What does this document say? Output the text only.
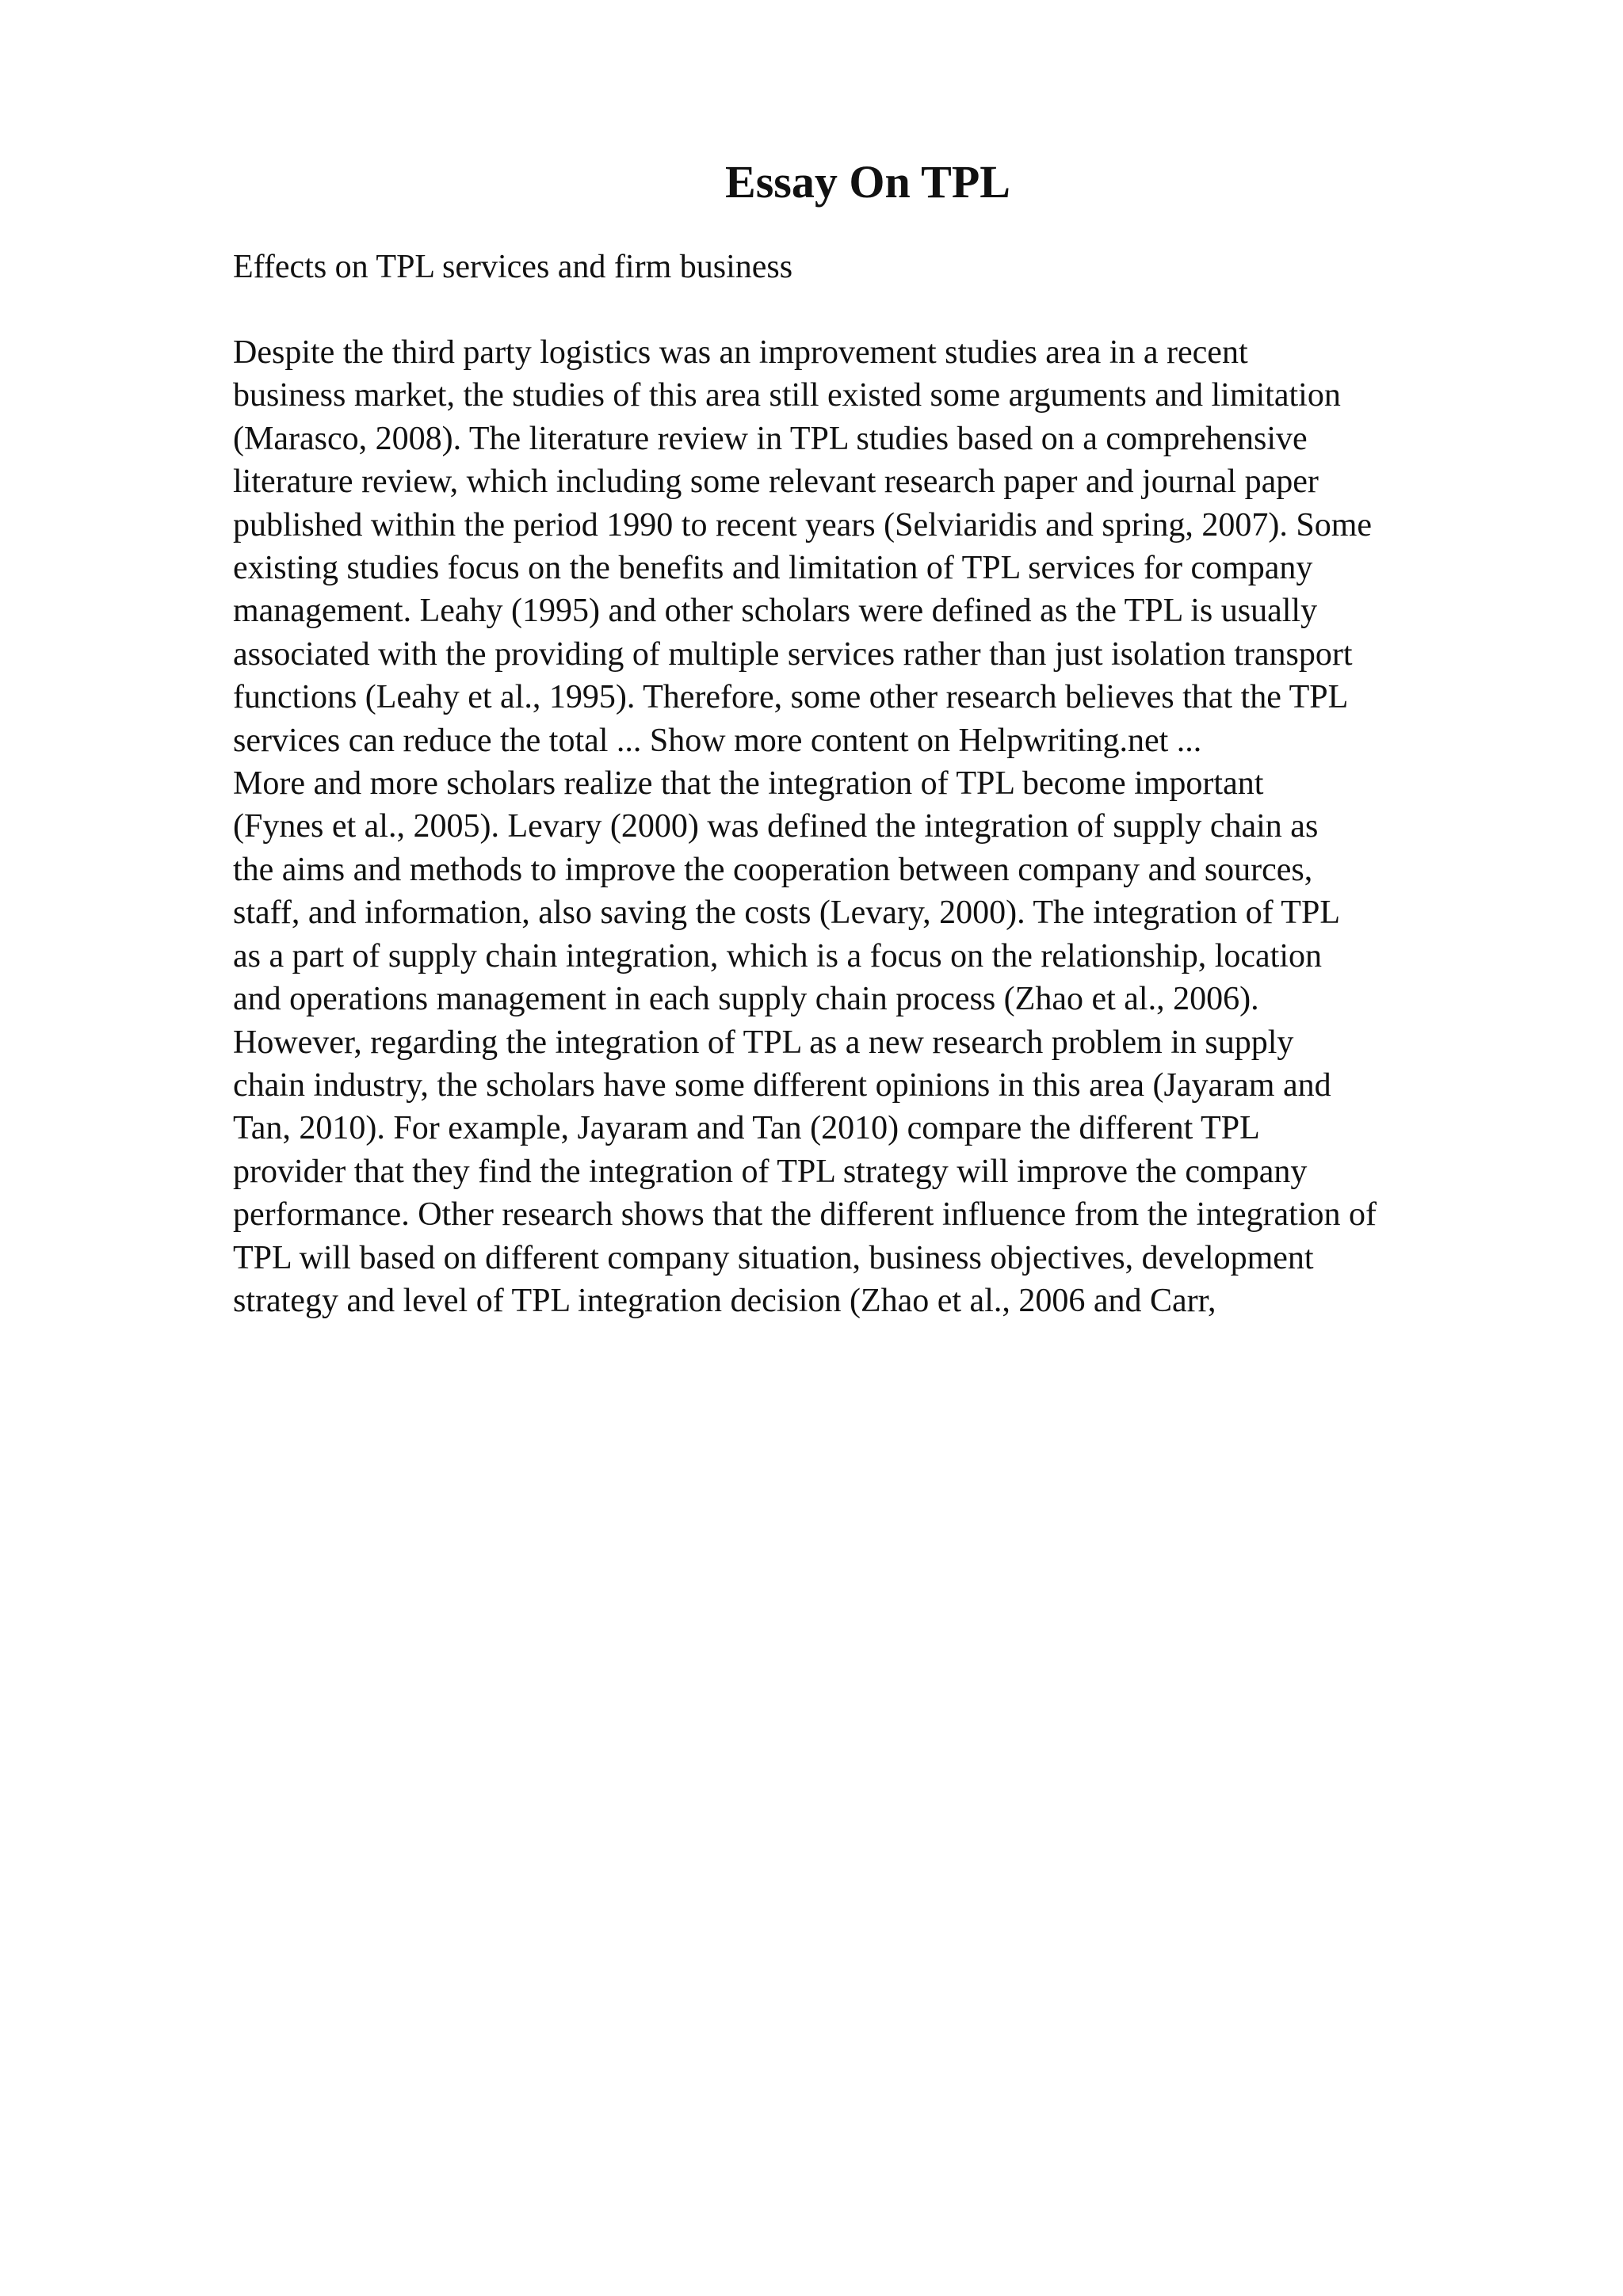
Essay On TPL

Effects on TPL services and firm business

Despite the third party logistics was an improvement studies area in a recent
business market, the studies of this area still existed some arguments and limitation
(Marasco, 2008). The literature review in TPL studies based on a comprehensive
literature review, which including some relevant research paper and journal paper
published within the period 1990 to recent years (Selviaridis and spring, 2007). Some
existing studies focus on the benefits and limitation of TPL services for company
management. Leahy (1995) and other scholars were defined as the TPL is usually
associated with the providing of multiple services rather than just isolation transport
functions (Leahy et al., 1995). Therefore, some other research believes that the TPL
services can reduce the total ... Show more content on Helpwriting.net ...
More and more scholars realize that the integration of TPL become important
(Fynes et al., 2005). Levary (2000) was defined the integration of supply chain as
the aims and methods to improve the cooperation between company and sources,
staff, and information, also saving the costs (Levary, 2000). The integration of TPL
as a part of supply chain integration, which is a focus on the relationship, location
and operations management in each supply chain process (Zhao et al., 2006).
However, regarding the integration of TPL as a new research problem in supply
chain industry, the scholars have some different opinions in this area (Jayaram and
Tan, 2010). For example, Jayaram and Tan (2010) compare the different TPL
provider that they find the integration of TPL strategy will improve the company
performance. Other research shows that the different influence from the integration of
TPL will based on different company situation, business objectives, development
strategy and level of TPL integration decision (Zhao et al., 2006 and Carr,
